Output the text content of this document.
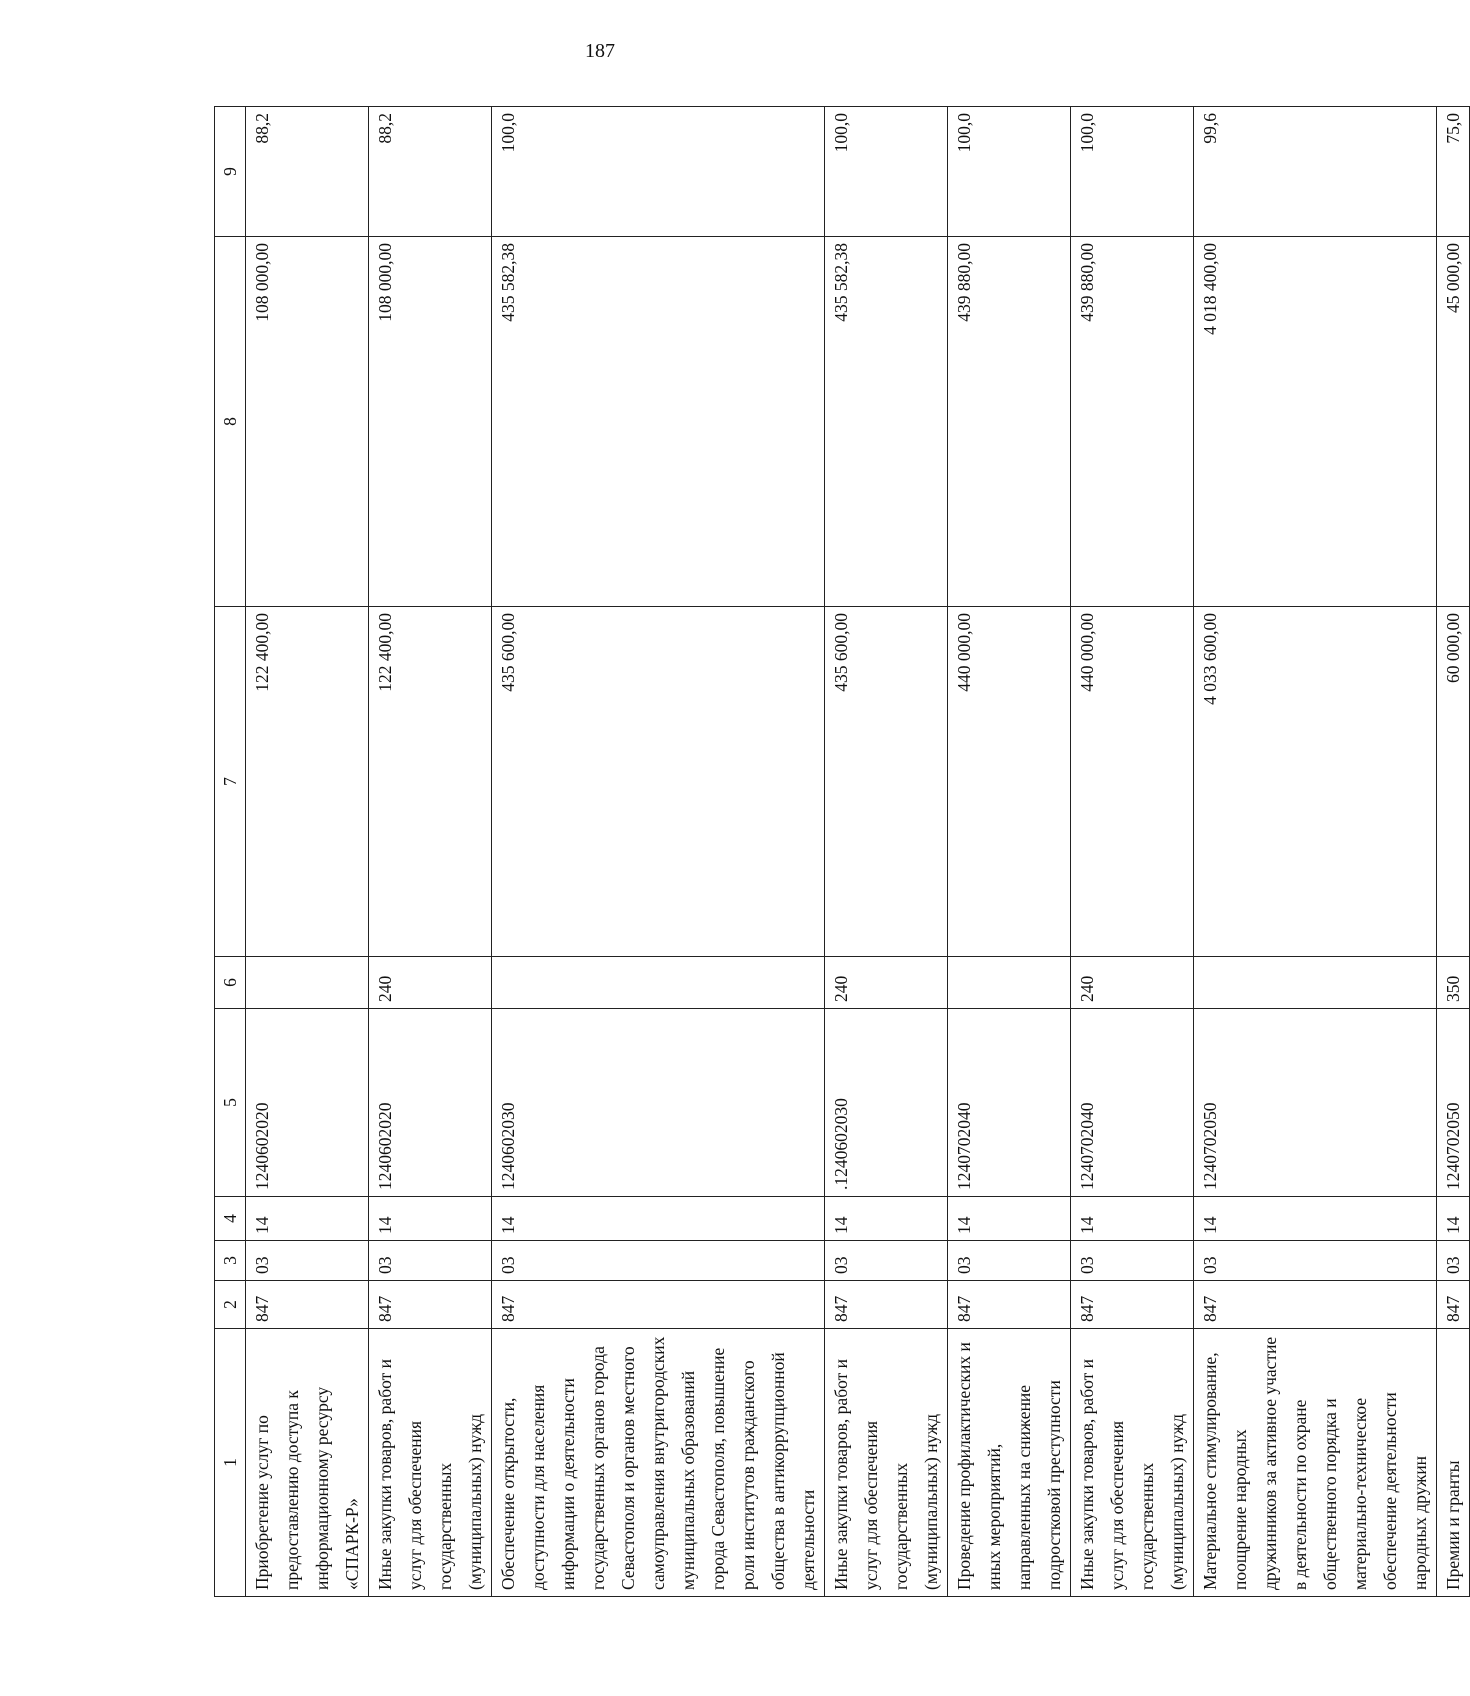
187
1	2	3	4	5	6	7	8	9
Приобретение услуг по предоставлению доступа к информационному ресурсу «СПАРК-Р»	847	03	14	1240602020		122 400,00	108 000,00	88,2
Иные закупки товаров, работ и услуг для обеспечения государственных (муниципальных) нужд	847	03	14	1240602020	240	122 400,00	108 000,00	88,2
Обеспечение открытости, доступности для населения информации о деятельности государственных органов города Севастополя и органов местного самоуправления внутригородских муниципальных образований города Севастополя, повышение роли институтов гражданского общества в антикоррупционной деятельности	847	03	14	1240602030		435 600,00	435 582,38	100,0
Иные закупки товаров, работ и услуг для обеспечения государственных (муниципальных) нужд	847	03	14	.1240602030	240	435 600,00	435 582,38	100,0
Проведение профилактических и иных мероприятий, направленных на снижение подростковой преступности	847	03	14	1240702040		440 000,00	439 880,00	100,0
Иные закупки товаров, работ и услуг для обеспечения государственных (муниципальных) нужд	847	03	14	1240702040	240	440 000,00	439 880,00	100,0
Материальное стимулирование, поощрение народных дружинников за активное участие в деятельности по охране общественного порядка и материально-техническое обеспечение деятельности народных дружин	847	03	14	1240702050		4 033 600,00	4 018 400,00	99,6
Премии и гранты	847	03	14	1240702050	350	60 000,00	45 000,00	75,0
